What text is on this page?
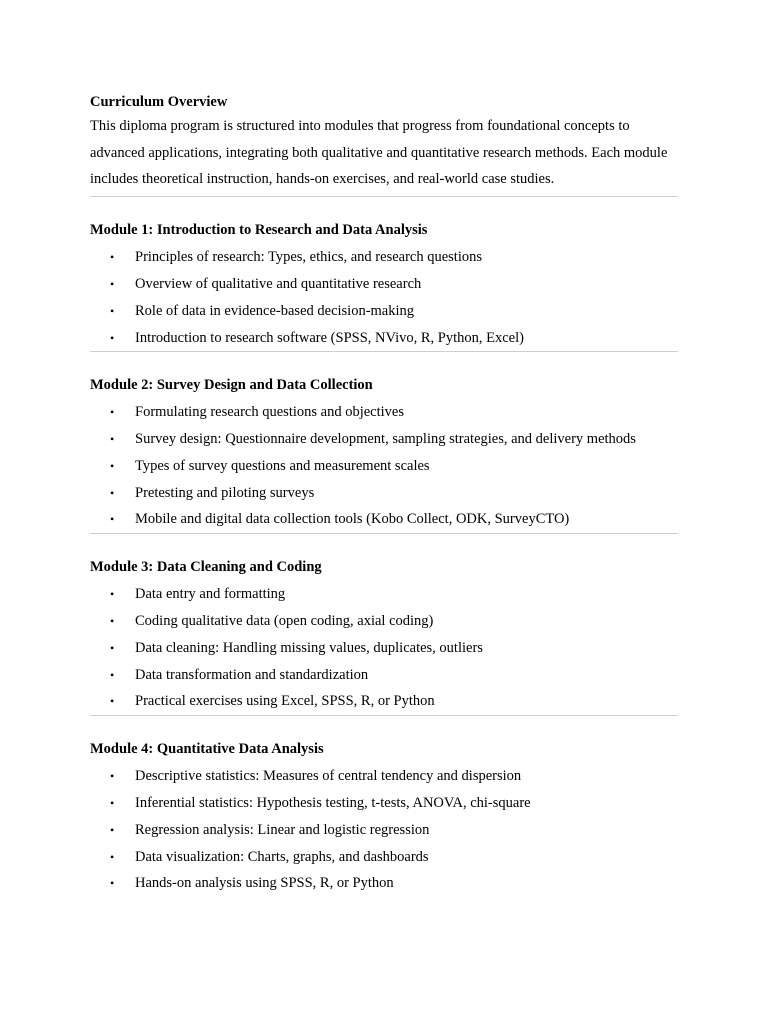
Curriculum Overview

This diploma program is structured into modules that progress from foundational concepts to advanced applications, integrating both qualitative and quantitative research methods. Each module includes theoretical instruction, hands-on exercises, and real-world case studies.

Module 1: Introduction to Research and Data Analysis

• Principles of research: Types, ethics, and research questions
• Overview of qualitative and quantitative research
• Role of data in evidence-based decision-making
• Introduction to research software (SPSS, NVivo, R, Python, Excel)

Module 2: Survey Design and Data Collection

• Formulating research questions and objectives
• Survey design: Questionnaire development, sampling strategies, and delivery methods
• Types of survey questions and measurement scales
• Pretesting and piloting surveys
• Mobile and digital data collection tools (Kobo Collect, ODK, SurveyCTO)

Module 3: Data Cleaning and Coding

• Data entry and formatting
• Coding qualitative data (open coding, axial coding)
• Data cleaning: Handling missing values, duplicates, outliers
• Data transformation and standardization
• Practical exercises using Excel, SPSS, R, or Python

Module 4: Quantitative Data Analysis

• Descriptive statistics: Measures of central tendency and dispersion
• Inferential statistics: Hypothesis testing, t-tests, ANOVA, chi-square
• Regression analysis: Linear and logistic regression
• Data visualization: Charts, graphs, and dashboards
• Hands-on analysis using SPSS, R, or Python
